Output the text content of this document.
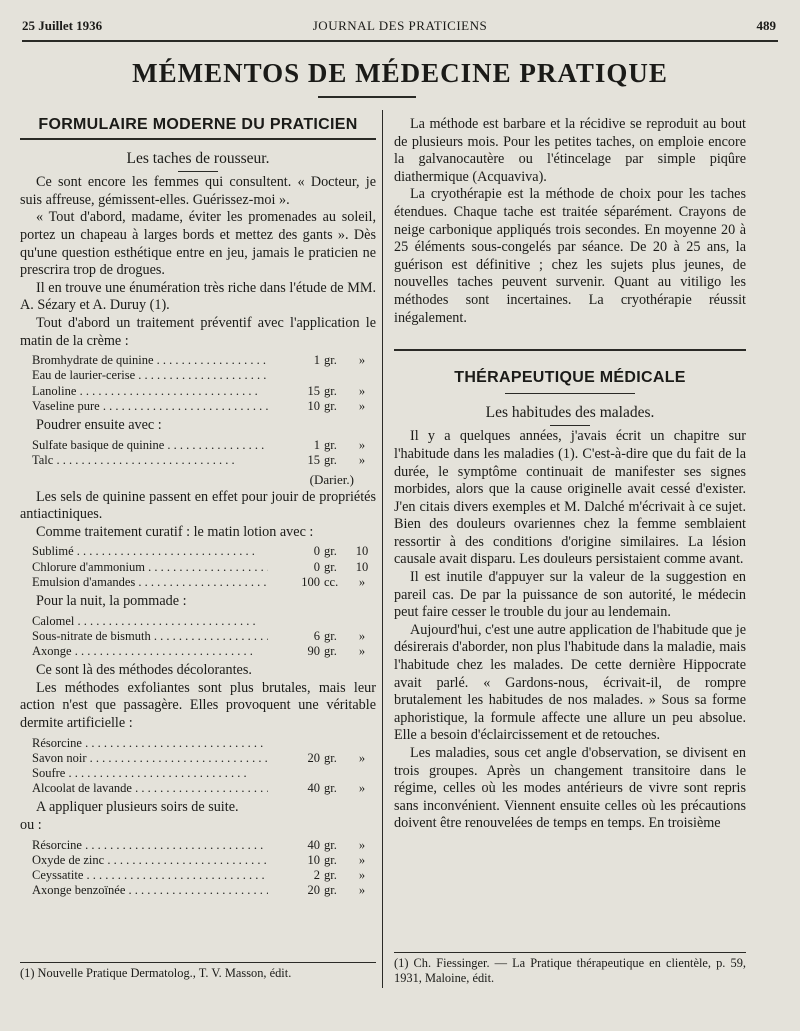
25 Juillet 1936	JOURNAL DES PRATICIENS	489
MÉMENTOS DE MÉDECINE PRATIQUE
FORMULAIRE MODERNE DU PRATICIEN
Les taches de rousseur.

Ce sont encore les femmes qui consultent. « Docteur, je suis affreuse, gémissent-elles. Guérissez-moi ».

« Tout d'abord, madame, éviter les promenades au soleil, portez un chapeau à larges bords et mettez des gants ». Dès qu'une question esthétique entre en jeu, jamais le praticien ne prescrira trop de drogues.

Il en trouve une énumération très riche dans l'étude de MM. A. Sézary et A. Duruy (1).

Tout d'abord un traitement préventif avec l'application le matin de la crème :

Bromhydrate de quinine . . .	1 gr.	»
Eau de laurier-cerise . . .
Lanoline . . .	15 gr.	»
Vaseline pure . . .	10 gr.	»

Poudrer ensuite avec :

Sulfate basique de quinine . . .	1 gr.	»
Talc . . .	15 gr.	»
(Darier.)

Les sels de quinine passent en effet pour jouir de propriétés antiactiniques.

Comme traitement curatif : le matin lotion avec :

Sublimé . . .	0 gr.	10
Chlorure d'ammonium . . .	0 gr.	10
Emulsion d'amandes . . .	100 cc.	»

Pour la nuit, la pommade :

Calomel . . .
Sous-nitrate de bismuth . . .	6 gr.	»
Axonge . . .	90 gr.	»

Ce sont là des méthodes décolorantes.

Les méthodes exfoliantes sont plus brutales, mais leur action n'est que passagère. Elles provoquent une véritable dermite artificielle :

Résorcine . . .
Savon noir . . .	20 gr.	»
Soufre . . .
Alcoolat de lavande . . .	40 gr.	»

A appliquer plusieurs soirs de suite.

ou :
Résorcine . . .	40 gr.	»
Oxyde de zinc . . .	10 gr.	»
Ceyssatite . . .	2 gr.	»
Axonge benzoïnée . . .	20 gr.	»
(1) Nouvelle Pratique Dermatolog., T. V. Masson, édit.

La méthode est barbare et la récidive se reproduit au bout de plusieurs mois. Pour les petites taches, on emploie encore la galvanocautère ou l'étincelage par simple piqûre diathermique (Acquaviva).

La cryothérapie est la méthode de choix pour les taches étendues. Chaque tache est traitée séparément. Crayons de neige carbonique appliqués trois secondes. En moyenne 20 à 25 éléments sous-congelés par séance. De 20 à 25 ans, la guérison est définitive ; chez les sujets plus jeunes, de nouvelles taches peuvent survenir. Quant au vitiligo les méthodes sont incertaines. La cryothérapie réussit inégalement.

THÉRAPEUTIQUE MÉDICALE
Les habitudes des malades.

Il y a quelques années, j'avais écrit un chapitre sur l'habitude dans les maladies (1). C'est-à-dire que du fait de la durée, le symptôme continuait de manifester ses signes morbides, alors que la cause originelle avait cessé d'exister. J'en citais divers exemples et M. Dalché m'écrivait à ce sujet. Bien des douleurs ovariennes chez la femme semblaient ressortir à des conditions d'origine similaires. La lésion causale avait disparu. Les douleurs persistaient comme avant.

Il est inutile d'appuyer sur la valeur de la suggestion en pareil cas. De par la puissance de son autorité, le médecin peut faire cesser le trouble du jour au lendemain.

Aujourd'hui, c'est une autre application de l'habitude que je désirerais d'aborder, non plus l'habitude dans la maladie, mais l'habitude chez les malades. De cette dernière Hippocrate avait parlé. « Gardons-nous, écrivait-il, de rompre brutalement les habitudes de nos malades. » Sous sa forme aphoristique, la formule affecte une allure un peu absolue. Elle a besoin d'éclaircissement et de retouches.

Les maladies, sous cet angle d'observation, se divisent en trois groupes. Après un changement transitoire dans le régime, celles où les modes antérieurs de vivre sont repris sans inconvénient. Viennent ensuite celles où les précautions doivent être renouvelées de temps en temps. En troisième

(1) Ch. Fiessinger. — La Pratique thérapeutique en clientèle, p. 59, 1931, Maloine, édit.
